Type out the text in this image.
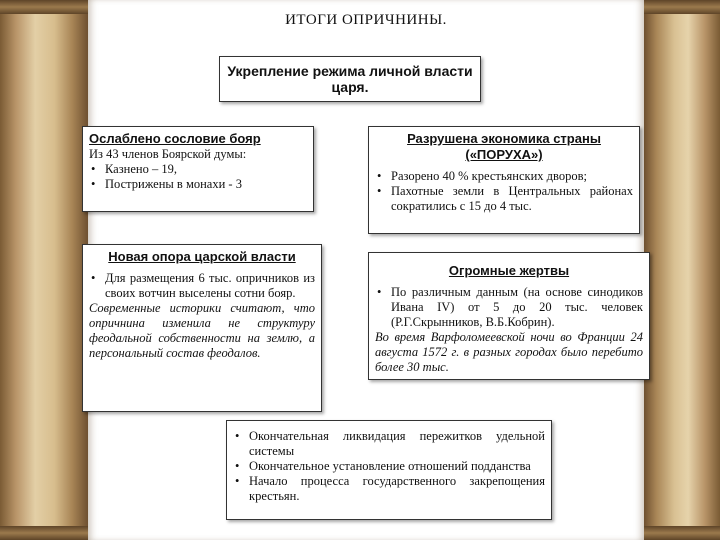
ИТОГИ ОПРИЧНИНЫ.
Укрепление режима личной власти царя.
Ослаблено сословие бояр
Из 43 членов Боярской думы:
• Казнено – 19,
• Пострижены в монахи - 3
Разрушена экономика страны («ПОРУХА»)
• Разорено 40 % крестьянских дворов;
• Пахотные земли в Центральных районах сократились с 15 до 4 тыс.
Новая опора царской власти
• Для размещения 6 тыс. опричников из своих вотчин выселены сотни бояр.
Современные историки считают, что опричнина изменила не структуру феодальной собственности на землю, а персональный состав феодалов.
Огромные жертвы
• По различным данным (на основе синодиков Ивана IV) от 5 до 20 тыс. человек (Р.Г.Скрынников, В.Б.Кобрин).
Во время Варфоломеевской ночи во Франции 24 августа 1572 г. в разных городах было перебито более 30 тыс.
• Окончательная ликвидация пережитков удельной системы
• Окончательное установление отношений подданства
• Начало процесса государственного закрепощения крестьян.
